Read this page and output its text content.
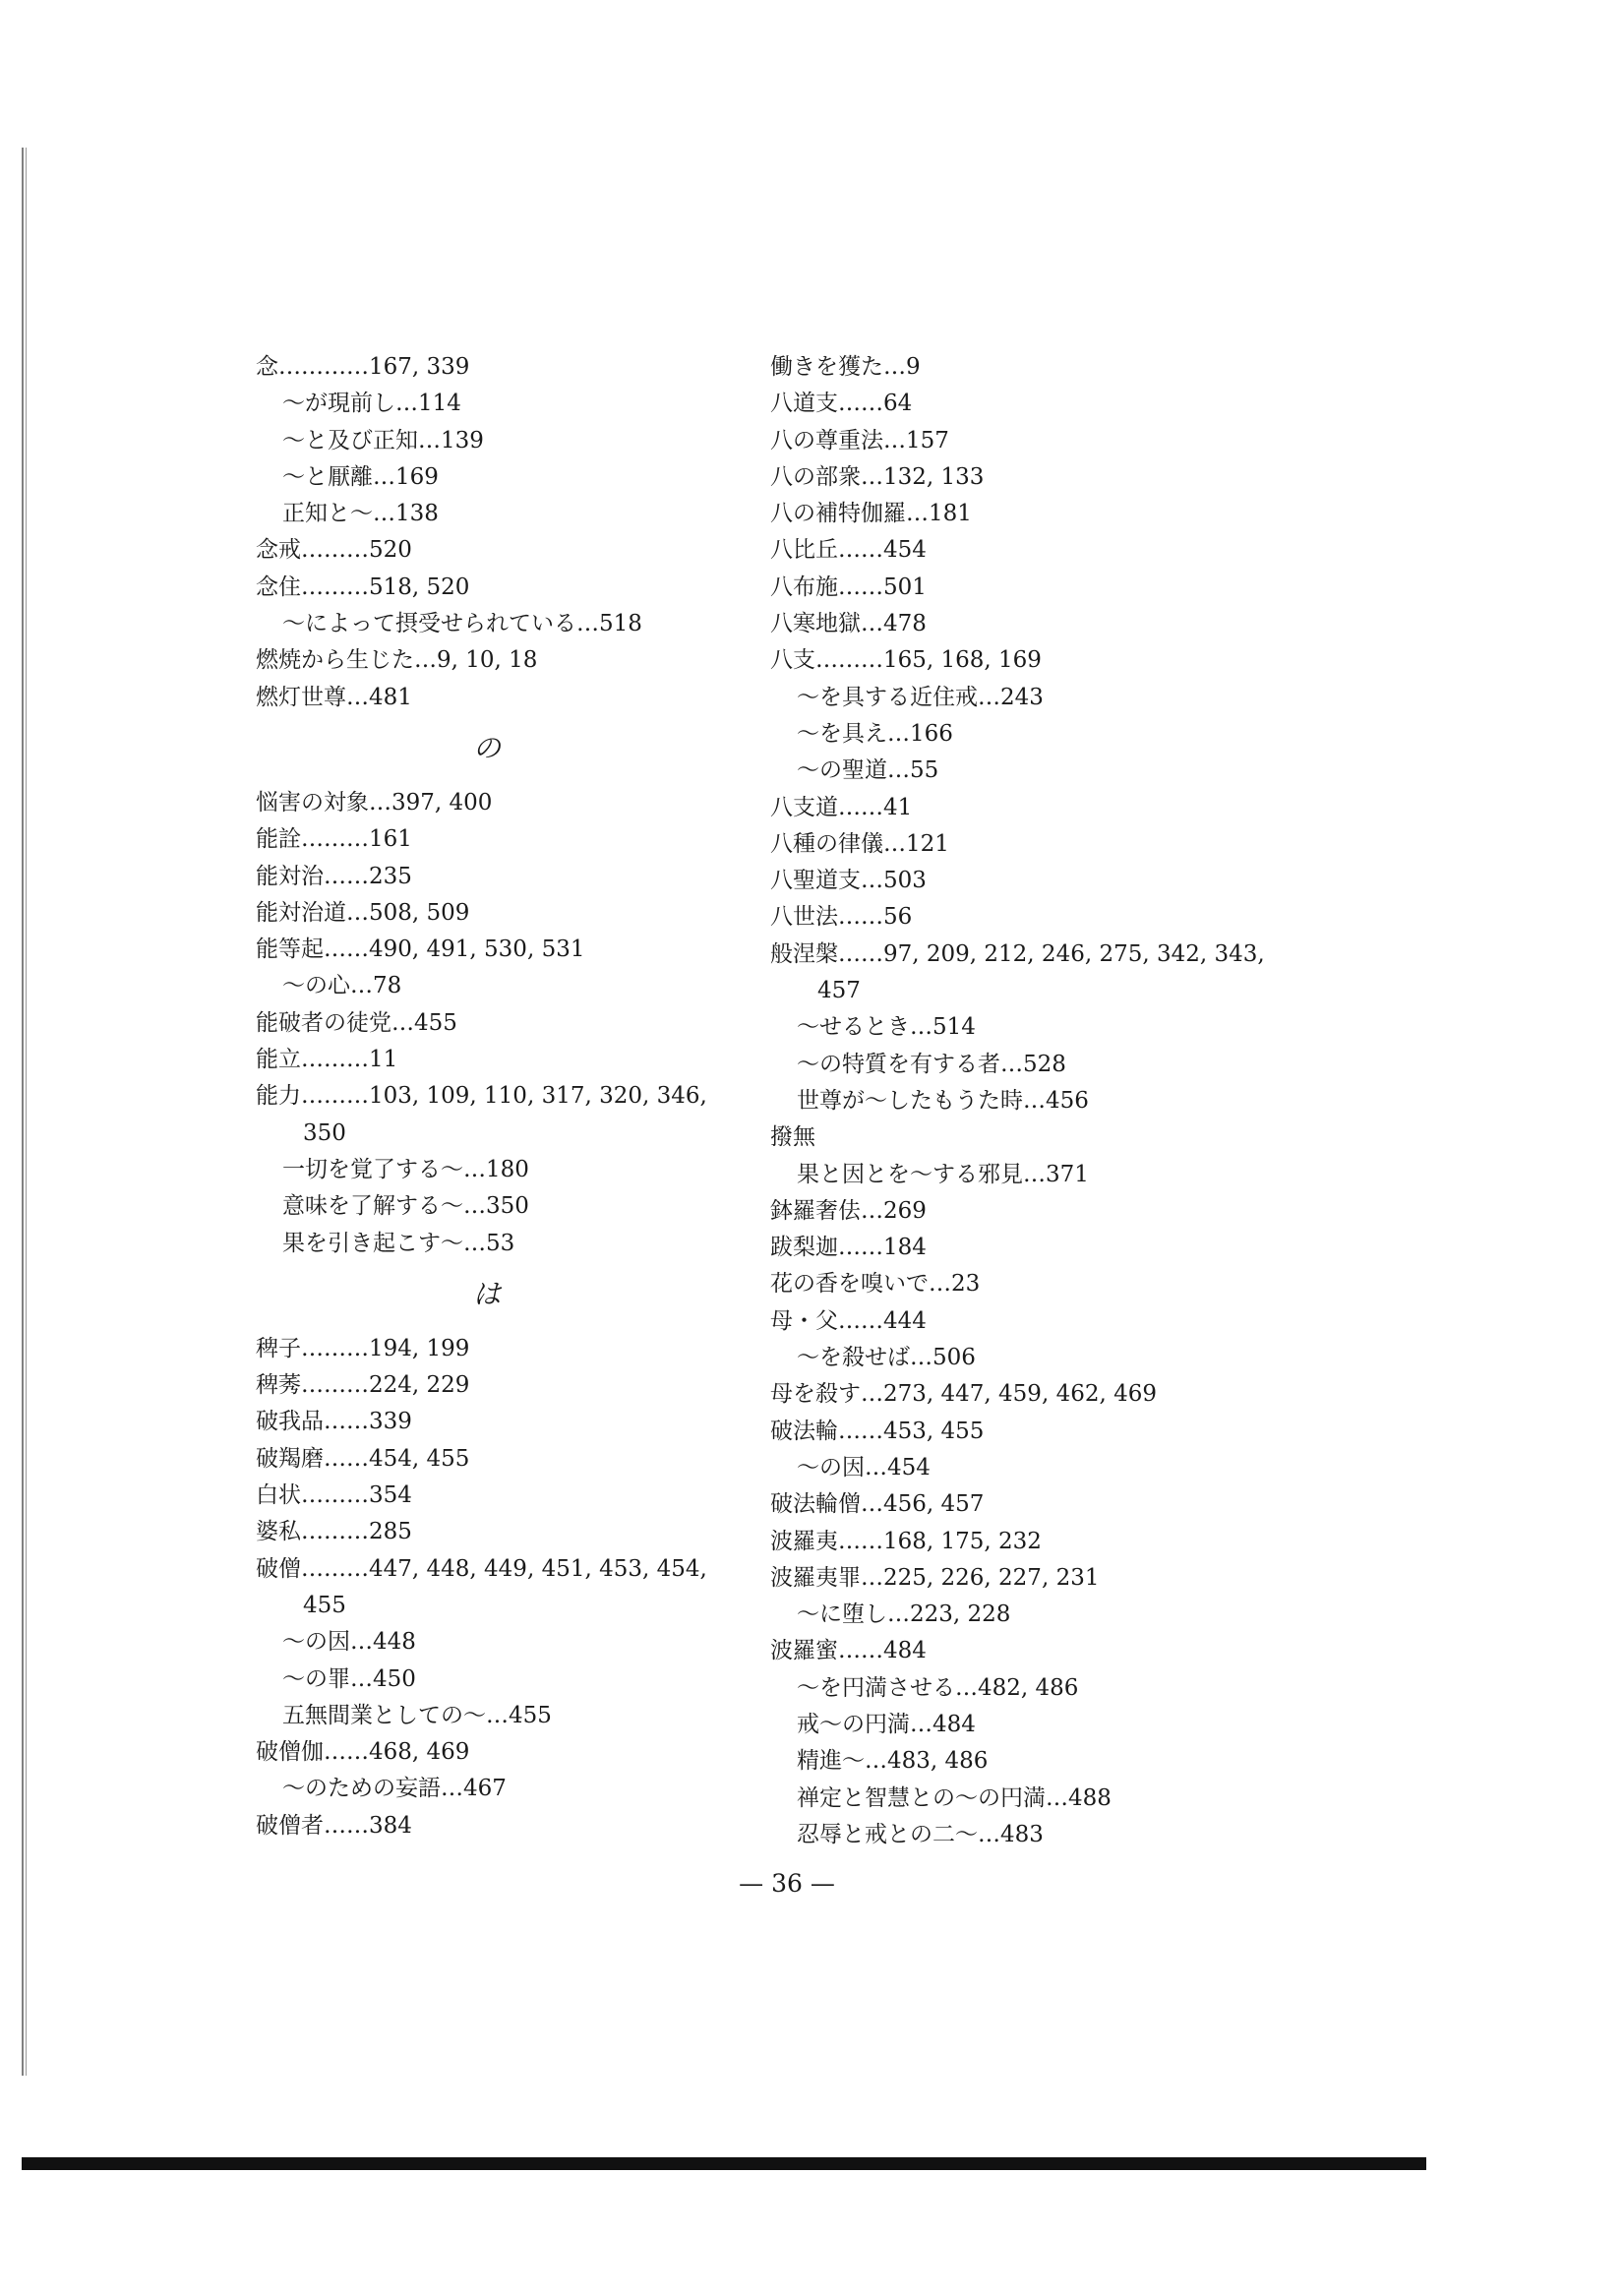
念…………167, 339
〜が現前し…114
〜と及び正知…139
〜と厭離…169
正知と〜…138
念戒………520
念住………518, 520
〜によって摂受せられている…518
燃焼から生じた…9, 10, 18
燃灯世尊…481
の
悩害の対象…397, 400
能詮………161
能対治……235
能対治道…508, 509
能等起……490, 491, 530, 531
〜の心…78
能破者の徒党…455
能立………11
能力………103, 109, 110, 317, 320, 346,
350
一切を覚了する〜…180
意味を了解する〜…350
果を引き起こす〜…53
は
稗子………194, 199
稗莠………224, 229
破我品……339
破羯磨……454, 455
白状………354
婆私………285
破僧………447, 448, 449, 451, 453, 454,
455
〜の因…448
〜の罪…450
五無間業としての〜…455
破僧伽……468, 469
〜のための妄語…467
破僧者……384
働きを獲た…9
八道支……64
八の尊重法…157
八の部衆…132, 133
八の補特伽羅…181
八比丘……454
八布施……501
八寒地獄…478
八支………165, 168, 169
〜を具する近住戒…243
〜を具え…166
〜の聖道…55
八支道……41
八種の律儀…121
八聖道支…503
八世法……56
般涅槃……97, 209, 212, 246, 275, 342, 343,
457
〜せるとき…514
〜の特質を有する者…528
世尊が〜したもうた時…456
撥無
果と因とを〜する邪見…371
鉢羅奢佉…269
跋梨迦……184
花の香を嗅いで…23
母・父……444
〜を殺せば…506
母を殺す…273, 447, 459, 462, 469
破法輪……453, 455
〜の因…454
破法輪僧…456, 457
波羅夷……168, 175, 232
波羅夷罪…225, 226, 227, 231
〜に堕し…223, 228
波羅蜜……484
〜を円満させる…482, 486
戒〜の円満…484
精進〜…483, 486
禅定と智慧との〜の円満…488
忍辱と戒との二〜…483
— 36 —
